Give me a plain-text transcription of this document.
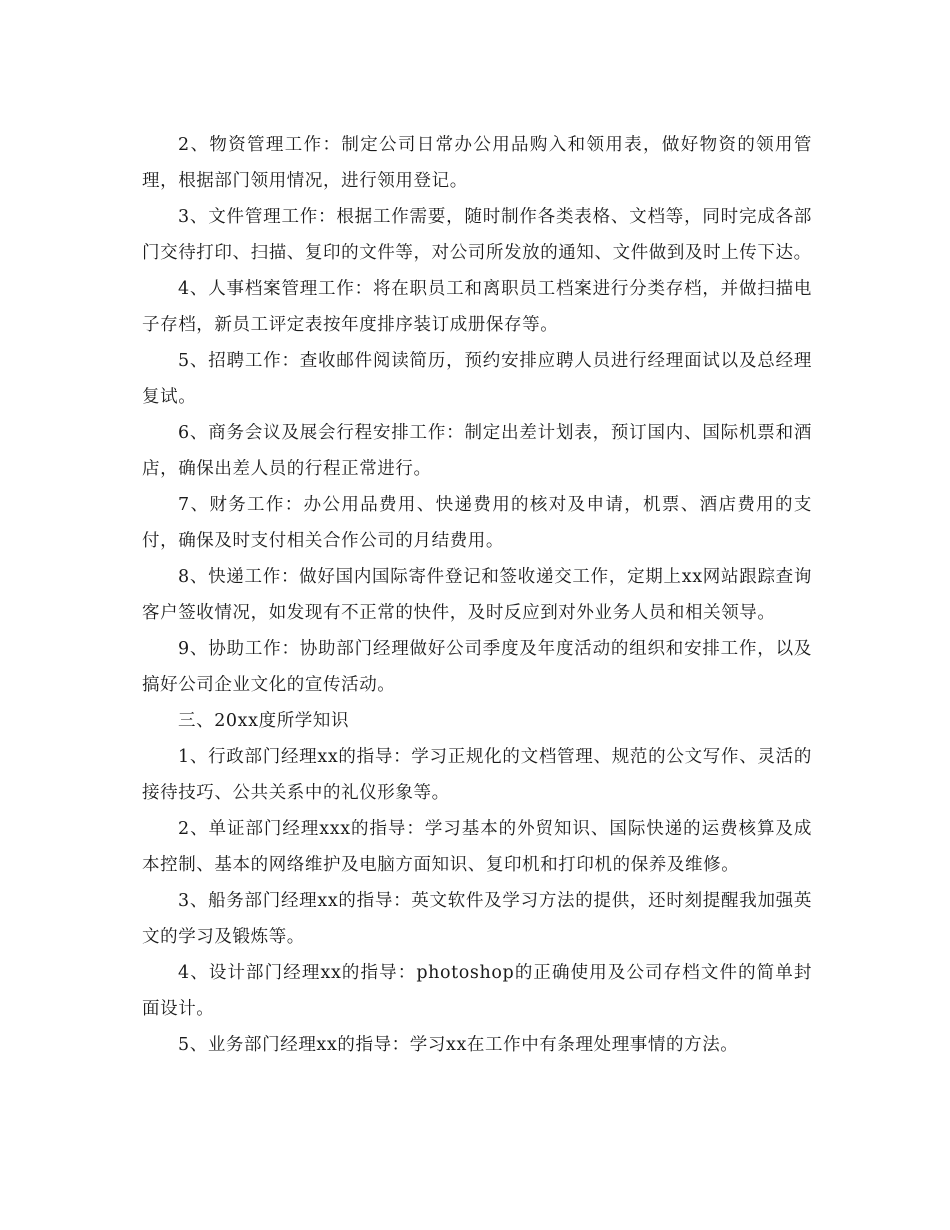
2、物资管理工作：制定公司日常办公用品购入和领用表，做好物资的领用管理，根据部门领用情况，进行领用登记。

3、文件管理工作：根据工作需要，随时制作各类表格、文档等，同时完成各部门交待打印、扫描、复印的文件等，对公司所发放的通知、文件做到及时上传下达。

4、人事档案管理工作：将在职员工和离职员工档案进行分类存档，并做扫描电子存档，新员工评定表按年度排序装订成册保存等。

5、招聘工作：查收邮件阅读简历，预约安排应聘人员进行经理面试以及总经理复试。

6、商务会议及展会行程安排工作：制定出差计划表，预订国内、国际机票和酒店，确保出差人员的行程正常进行。

7、财务工作：办公用品费用、快递费用的核对及申请，机票、酒店费用的支付，确保及时支付相关合作公司的月结费用。

8、快递工作：做好国内国际寄件登记和签收递交工作，定期上xx网站跟踪查询客户签收情况，如发现有不正常的快件，及时反应到对外业务人员和相关领导。

9、协助工作：协助部门经理做好公司季度及年度活动的组织和安排工作，以及搞好公司企业文化的宣传活动。

三、20xx度所学知识

1、行政部门经理xx的指导：学习正规化的文档管理、规范的公文写作、灵活的接待技巧、公共关系中的礼仪形象等。

2、单证部门经理xxx的指导：学习基本的外贸知识、国际快递的运费核算及成本控制、基本的网络维护及电脑方面知识、复印机和打印机的保养及维修。

3、船务部门经理xx的指导：英文软件及学习方法的提供，还时刻提醒我加强英文的学习及锻炼等。

4、设计部门经理xx的指导：photoshop的正确使用及公司存档文件的简单封面设计。

5、业务部门经理xx的指导：学习xx在工作中有条理处理事情的方法。
